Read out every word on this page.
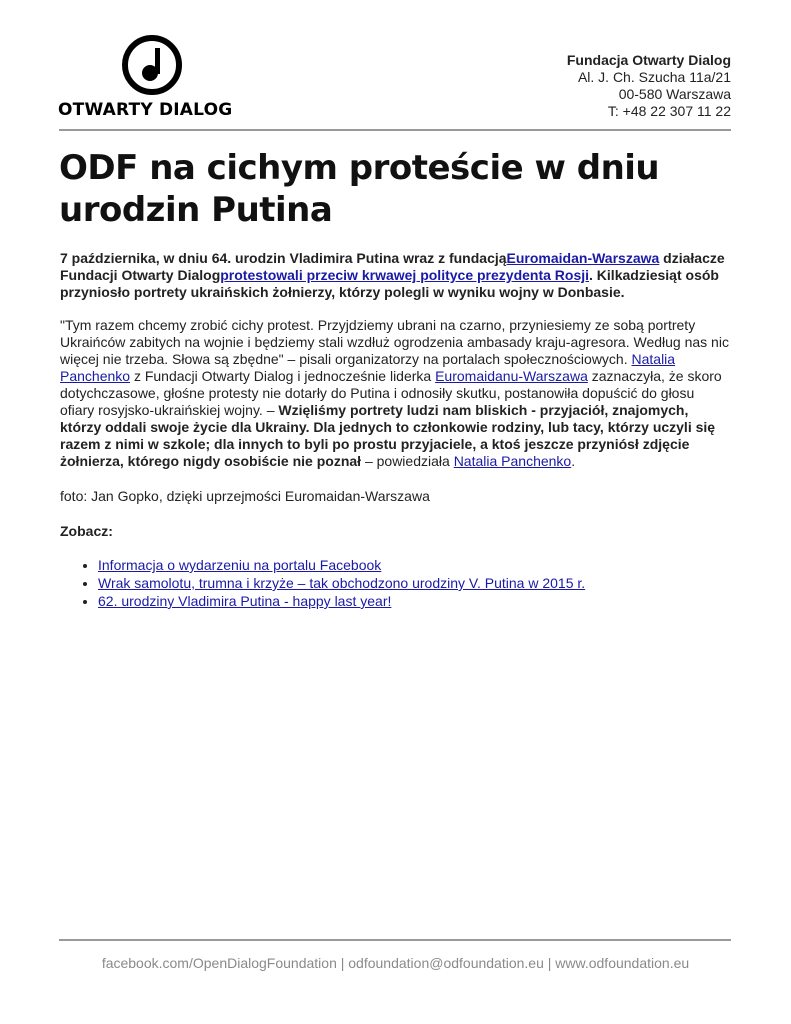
OTWARTY DIALOG
Fundacja Otwarty Dialog
Al. J. Ch. Szucha 11a/21
00-580 Warszawa
T: +48 22 307 11 22
ODF na cichym proteście w dniu urodzin Putina

7 października, w dniu 64. urodzin Vladimira Putina wraz z fundacjąEuromaidan-Warszawa działacze Fundacji Otwarty Dialogprotestowali przeciw krwawej polityce prezydenta Rosji. Kilkadziesiąt osób przyniosło portrety ukraińskich żołnierzy, którzy polegli w wyniku wojny w Donbasie.

"Tym razem chcemy zrobić cichy protest. Przyjdziemy ubrani na czarno, przyniesiemy ze sobą portrety Ukraińców zabitych na wojnie i będziemy stali wzdłuż ogrodzenia ambasady kraju-agresora. Według nas nic więcej nie trzeba. Słowa są zbędne" – pisali organizatorzy na portalach społecznościowych. Natalia Panchenko z Fundacji Otwarty Dialog i jednocześnie liderka Euromaidanu-Warszawa zaznaczyła, że skoro dotychczasowe, głośne protesty nie dotarły do Putina i odnosiły skutku, postanowiła dopuścić do głosu ofiary rosyjsko-ukraińskiej wojny. – Wzięliśmy portrety ludzi nam bliskich - przyjaciół, znajomych, którzy oddali swoje życie dla Ukrainy. Dla jednych to członkowie rodziny, lub tacy, którzy uczyli się razem z nimi w szkole; dla innych to byli po prostu przyjaciele, a ktoś jeszcze przyniósł zdjęcie żołnierza, którego nigdy osobiście nie poznał – powiedziała Natalia Panchenko.

foto: Jan Gopko, dzięki uprzejmości Euromaidan-Warszawa

Zobacz:

• Informacja o wydarzeniu na portalu Facebook
• Wrak samolotu, trumna i krzyże – tak obchodzono urodziny V. Putina w 2015 r.
• 62. urodziny Vladimira Putina - happy last year!
facebook.com/OpenDialogFoundation | odfoundation@odfoundation.eu | www.odfoundation.eu
